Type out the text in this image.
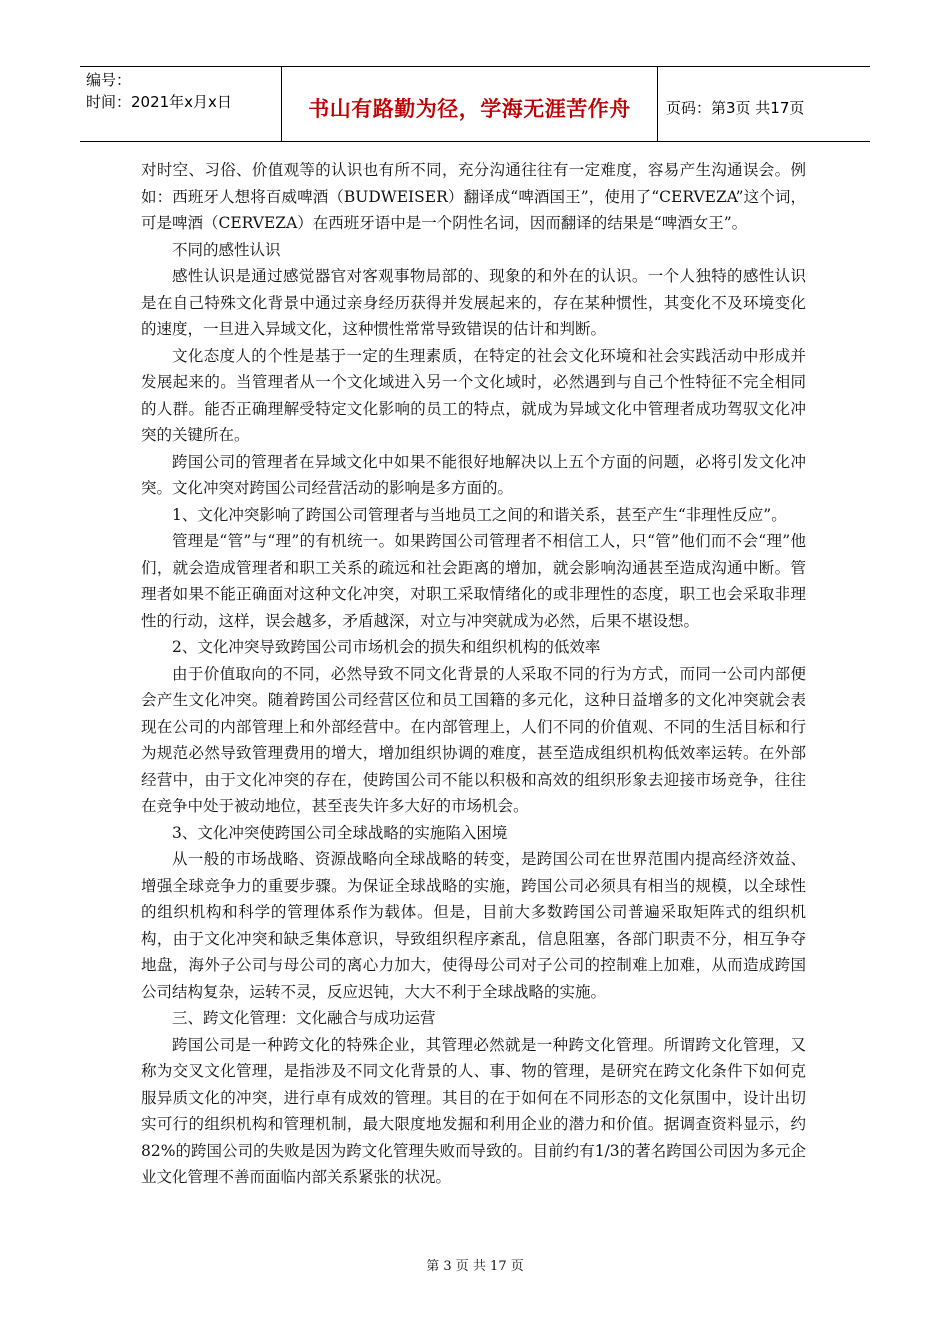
编号：
时间：2021年x月x日	书山有路勤为径，学海无涯苦作舟	页码：第3页 共17页

对时空、习俗、价值观等的认识也有所不同，充分沟通往往有一定难度，容易产生沟通误会。例如：西班牙人想将百威啤酒（BUDWEISER）翻译成“啤酒国王”，使用了“CERVEZA”这个词，可是啤酒（CERVEZA）在西班牙语中是一个阴性名词，因而翻译的结果是“啤酒女王”。

不同的感性认识

感性认识是通过感觉器官对客观事物局部的、现象的和外在的认识。一个人独特的感性认识是在自己特殊文化背景中通过亲身经历获得并发展起来的，存在某种惯性，其变化不及环境变化的速度，一旦进入异域文化，这种惯性常常导致错误的估计和判断。

文化态度人的个性是基于一定的生理素质，在特定的社会文化环境和社会实践活动中形成并发展起来的。当管理者从一个文化域进入另一个文化域时，必然遇到与自己个性特征不完全相同的人群。能否正确理解受特定文化影响的员工的特点，就成为异域文化中管理者成功驾驭文化冲突的关键所在。

跨国公司的管理者在异域文化中如果不能很好地解决以上五个方面的问题，必将引发文化冲突。文化冲突对跨国公司经营活动的影响是多方面的。

1、文化冲突影响了跨国公司管理者与当地员工之间的和谐关系，甚至产生“非理性反应”。

管理是“管”与“理”的有机统一。如果跨国公司管理者不相信工人，只“管”他们而不会“理”他们，就会造成管理者和职工关系的疏远和社会距离的增加，就会影响沟通甚至造成沟通中断。管理者如果不能正确面对这种文化冲突，对职工采取情绪化的或非理性的态度，职工也会采取非理性的行动，这样，误会越多，矛盾越深，对立与冲突就成为必然，后果不堪设想。

2、文化冲突导致跨国公司市场机会的损失和组织机构的低效率

由于价值取向的不同，必然导致不同文化背景的人采取不同的行为方式，而同一公司内部便会产生文化冲突。随着跨国公司经营区位和员工国籍的多元化，这种日益增多的文化冲突就会表现在公司的内部管理上和外部经营中。在内部管理上，人们不同的价值观、不同的生活目标和行为规范必然导致管理费用的增大，增加组织协调的难度，甚至造成组织机构低效率运转。在外部经营中，由于文化冲突的存在，使跨国公司不能以积极和高效的组织形象去迎接市场竞争，往往在竞争中处于被动地位，甚至丧失许多大好的市场机会。

3、文化冲突使跨国公司全球战略的实施陷入困境

从一般的市场战略、资源战略向全球战略的转变，是跨国公司在世界范围内提高经济效益、增强全球竞争力的重要步骤。为保证全球战略的实施，跨国公司必须具有相当的规模，以全球性的组织机构和科学的管理体系作为载体。但是，目前大多数跨国公司普遍采取矩阵式的组织机构，由于文化冲突和缺乏集体意识，导致组织程序紊乱，信息阻塞，各部门职责不分，相互争夺地盘，海外子公司与母公司的离心力加大，使得母公司对子公司的控制难上加难，从而造成跨国公司结构复杂，运转不灵，反应迟钝，大大不利于全球战略的实施。

三、跨文化管理：文化融合与成功运营

跨国公司是一种跨文化的特殊企业，其管理必然就是一种跨文化管理。所谓跨文化管理，又称为交叉文化管理，是指涉及不同文化背景的人、事、物的管理，是研究在跨文化条件下如何克服异质文化的冲突，进行卓有成效的管理。其目的在于如何在不同形态的文化氛围中，设计出切实可行的组织机构和管理机制，最大限度地发掘和利用企业的潜力和价值。据调查资料显示，约82%的跨国公司的失败是因为跨文化管理失败而导致的。目前约有1/3的著名跨国公司因为多元企业文化管理不善而面临内部关系紧张的状况。

第 3 页 共 17 页
